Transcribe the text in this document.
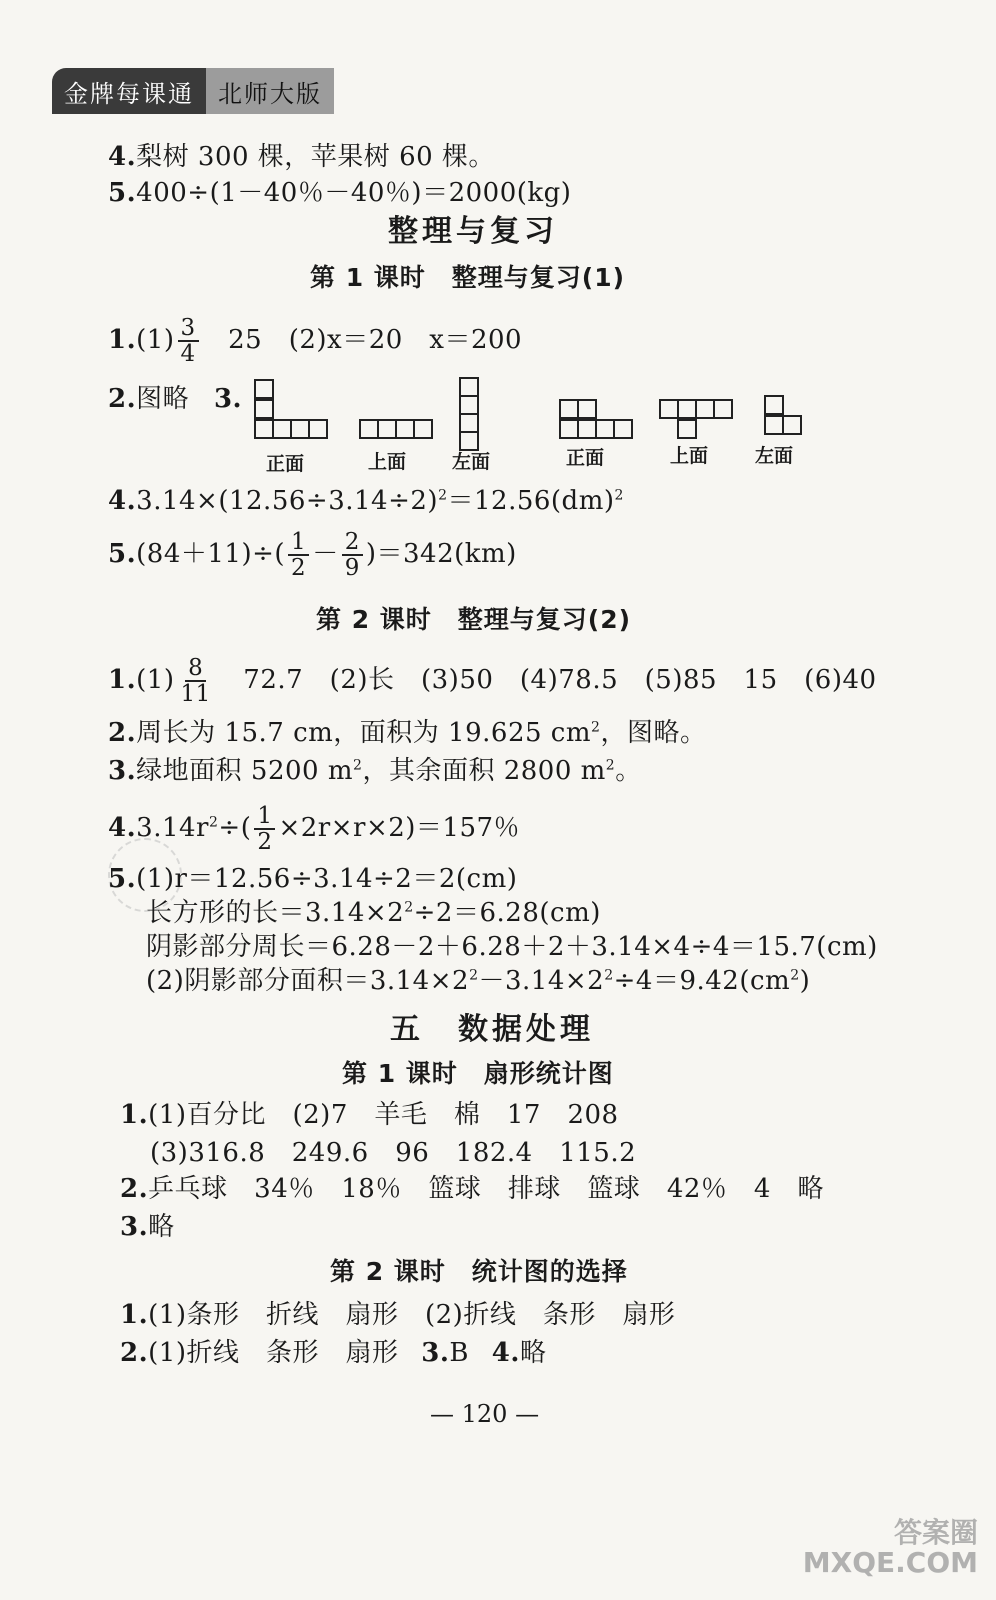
金牌每课通	北师大版
4.梨树 300 棵，苹果树 60 棵。
5.400÷(1－40％－40％)＝2000(kg)
整理与复习
第 1 课时　整理与复习(1)
$1.(1) \frac{3}{4}$ 　25　(2)x＝20　x＝200
2.图略 3.
正面	上面 左面	正面	上面 左面
$4.3.14\times(12.56\div 3.14\div 2)^2=12.56(dm)^2$
$5.(84+11)\div( \frac{1}{2} - \frac{2}{9} )=342(km)$
第 2 课时　整理与复习(2)
$1.(1) \frac{8}{11}$ 　72.7　(2)长　(3)50　(4)78.5　(5)85　15　(6)40
2.周长为 15.7 cm，面积为 19.625 $cm^2$，图略。
3.绿地面积 5200 $m^2$，其余面积 2800 $m^2$。
$4.3.14r^2\div( \frac{1}{2} \times 2r\times r\times 2)=157$％
5.(1)r＝12.56÷3.14÷2＝2(cm)
长方形的长$=3.14\times 2^2\div 2=6.28(cm)$
阴影部分周长＝6.28－2＋6.28＋2＋3.14×4÷4＝15.7(cm)
(2)阴影部分面积$=3.14\times 2^2-3.14\times 2^2\div 4=9.42(cm^2)$
五　数据处理
第 1 课时　扇形统计图
1.(1)百分比　(2)7　羊毛　棉　17　208
(3)316.8　249.6　96　182.4　115.2
2.乒乓球　34％　18％　篮球　排球　篮球　42％　4　略
3.略
第 2 课时　统计图的选择
1.(1)条形　折线　扇形　(2)折线　条形　扇形
2.(1)折线　条形　扇形 3.B 4.略
— 120 —
答案圈
MXQE.COM
